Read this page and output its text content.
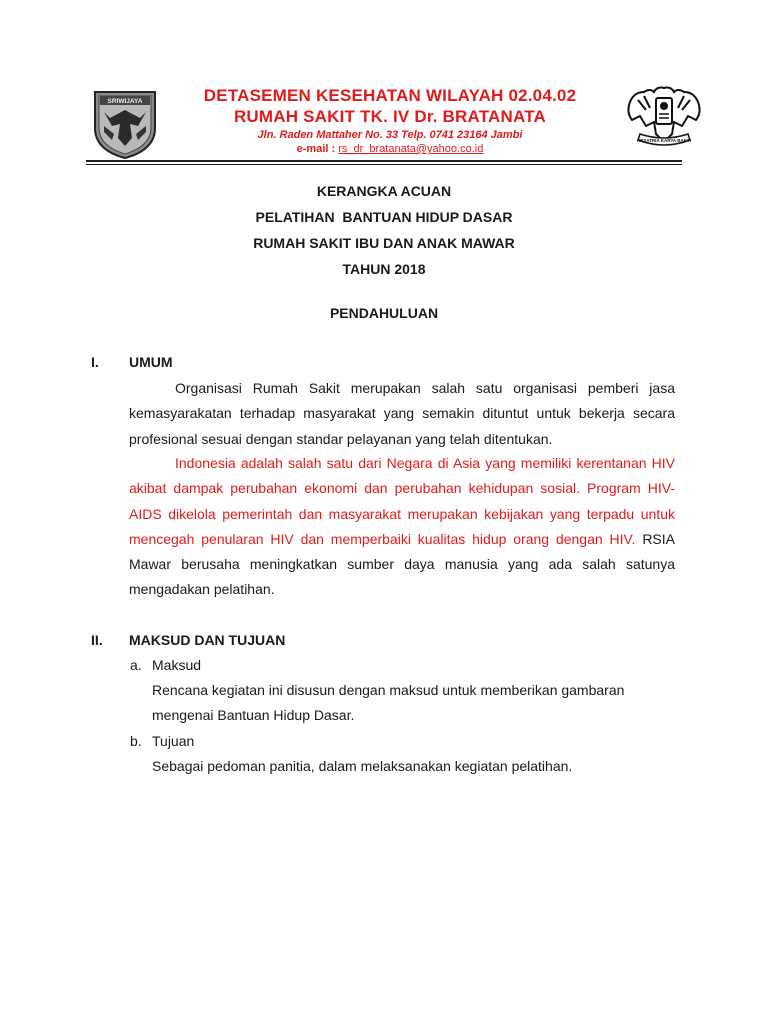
SRIWIJAYA	DETASEMEN KESEHATAN WILAYAH 02.04.02
RUMAH SAKIT TK. IV Dr. BRATANATA
Jln. Raden Mattaher No. 33 Telp. 0741 23164 Jambi
e-mail : rs_dr_bratanata@yahoo.co.id
KESATRIA KARYA BAKTI
KERANGKA ACUAN
PELATIHAN  BANTUAN HIDUP DASAR
RUMAH SAKIT IBU DAN ANAK MAWAR
TAHUN 2018
PENDAHULUAN
I. UMUM
Organisasi Rumah Sakit merupakan salah satu organisasi pemberi jasa kemasyarakatan terhadap masyarakat yang semakin dituntut untuk bekerja secara profesional sesuai dengan standar pelayanan yang telah ditentukan.
Indonesia adalah salah satu dari Negara di Asia yang memiliki kerentanan HIV akibat dampak perubahan ekonomi dan perubahan kehidupan sosial. Program HIV-AIDS dikelola pemerintah dan masyarakat merupakan kebijakan yang terpadu untuk mencegah penularan HIV dan memperbaiki kualitas hidup orang dengan HIV. RSIA Mawar berusaha meningkatkan sumber daya manusia yang ada salah satunya mengadakan pelatihan.
II. MAKSUD DAN TUJUAN
a. Maksud
Rencana kegiatan ini disusun dengan maksud untuk memberikan gambaran mengenai Bantuan Hidup Dasar.
b. Tujuan
Sebagai pedoman panitia, dalam melaksanakan kegiatan pelatihan.
